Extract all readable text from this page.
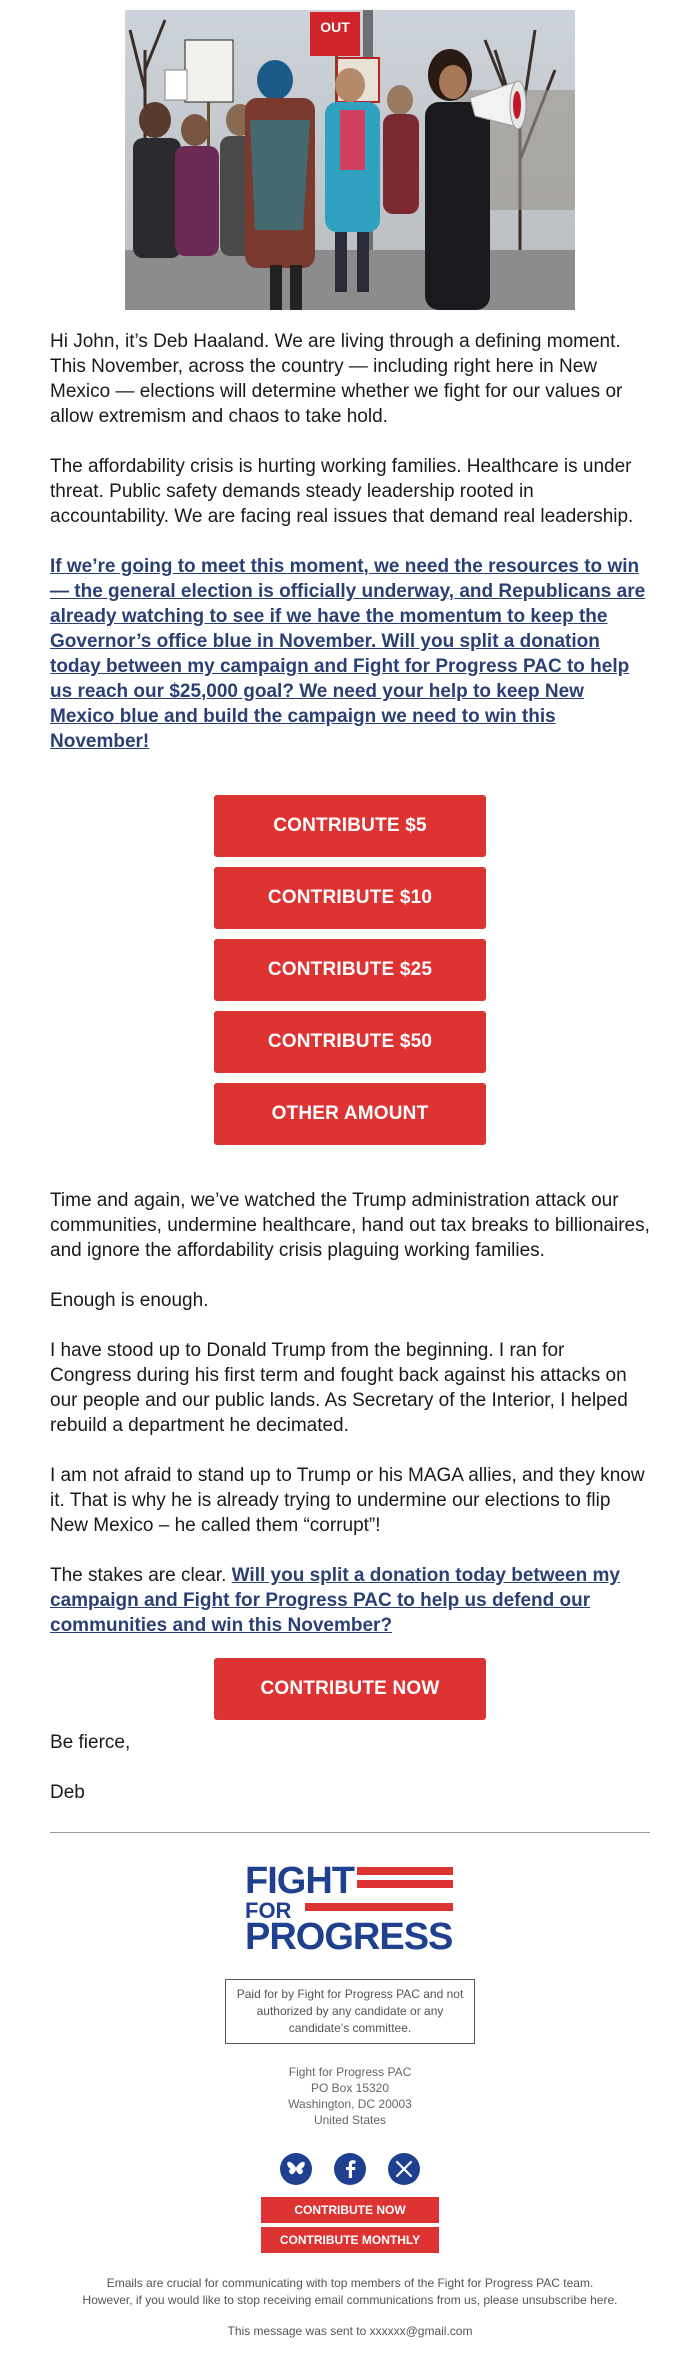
OUT

Hi John, it’s Deb Haaland. We are living through a defining moment. This November, across the country — including right here in New Mexico — elections will determine whether we fight for our values or allow extremism and chaos to take hold.

The affordability crisis is hurting working families. Healthcare is under threat. Public safety demands steady leadership rooted in accountability. We are facing real issues that demand real leadership.

If we’re going to meet this moment, we need the resources to win — the general election is officially underway, and Republicans are already watching to see if we have the momentum to keep the Governor’s office blue in November. Will you split a donation today between my campaign and Fight for Progress PAC to help us reach our $25,000 goal? We need your help to keep New Mexico blue and build the campaign we need to win this November!

CONTRIBUTE $5
CONTRIBUTE $10
CONTRIBUTE $25
CONTRIBUTE $50
OTHER AMOUNT

Time and again, we’ve watched the Trump administration attack our communities, undermine healthcare, hand out tax breaks to billionaires, and ignore the affordability crisis plaguing working families.

Enough is enough.

I have stood up to Donald Trump from the beginning. I ran for Congress during his first term and fought back against his attacks on our people and our public lands. As Secretary of the Interior, I helped rebuild a department he decimated.

I am not afraid to stand up to Trump or his MAGA allies, and they know it. That is why he is already trying to undermine our elections to flip New Mexico – he called them “corrupt”!

The stakes are clear. Will you split a donation today between my campaign and Fight for Progress PAC to help us defend our communities and win this November?

CONTRIBUTE NOW

Be fierce,

Deb

FIGHT
FOR
PROGRESS
Paid for by Fight for Progress PAC and not authorized by any candidate or any candidate’s committee.
Fight for Progress PAC
PO Box 15320
Washington, DC 20003
United States
CONTRIBUTE NOW
CONTRIBUTE MONTHLY
Emails are crucial for communicating with top members of the Fight for Progress PAC team.
However, if you would like to stop receiving email communications from us, please unsubscribe here.
This message was sent to xxxxxx@gmail.com
